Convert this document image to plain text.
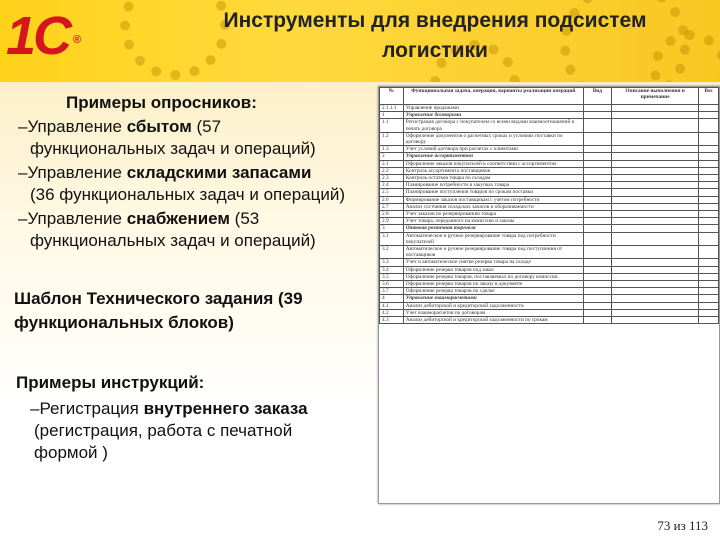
1С ®
Инструменты для внедрения подсистем логистики
Примеры опросников:
–Управление сбытом (57
функциональных задач и операций)
–Управление складскими запасами
(36 функциональных задач и операций)
–Управление снабжением (53
функциональных задач и операций)
Шаблон Технического задания (39
функциональных блоков)
Примеры инструкций:
–Регистрация внутреннего заказа
(регистрация, работа с печатной
формой )
№	Функциональная задача, операция, варианты реализации операций	Вид	Описание выполнения и примечание	Вес
2.1.1.1	Управление продажами			
1	Управление договорами			
1.1	Регистрация договора с покупателем со всеми видами взаимоотношений и печать договора			
1.2	Оформление документов о расчетных сроках и условиях поставки по договору			
1.3	Учет условий договора при расчетах с клиентами			
2	Управление ассортиментом			
2.1	Оформление заказов покупателей в соответствии с ассортиментом			
2.2	Контроль ассортимента поставщиков			
2.3	Контроль остатков товара по складам			
2.4	Планирование потребности в закупках товара			
2.5	Планирование поступления товаров по срокам поставки			
2.6	Формирование заказов поставщикам с учетом потребности			
2.7	Анализ состояния складских запасов и оборачиваемости			
2.8	Учет заказов по резервированию товара			
2.9	Учет товара, переданного на комиссию и заказы			
3	Оптовая розничная торговля			
3.1	Автоматическое и ручное резервирование товара под потребности покупателей			
3.2	Автоматическое и ручное резервирование товара под поступления от поставщиков			
3.3	Учет и автоматическое снятие резерва товара на складе			
3.4	Оформление резерва товаров под заказ			
3.5	Оформление резерва товаров, поставляемых по договору комиссии			
3.6	Оформление резерва товаров по заказу в документе			
3.7	Оформление резерва товаров по сделке			
4	Управление взаиморасчетами			
4.1	Анализ дебиторской и кредиторской задолженности			
4.2	Учет взаиморасчетов по договорам			
4.3	Анализ дебиторской и кредиторской задолженности по срокам			
73 из 113
